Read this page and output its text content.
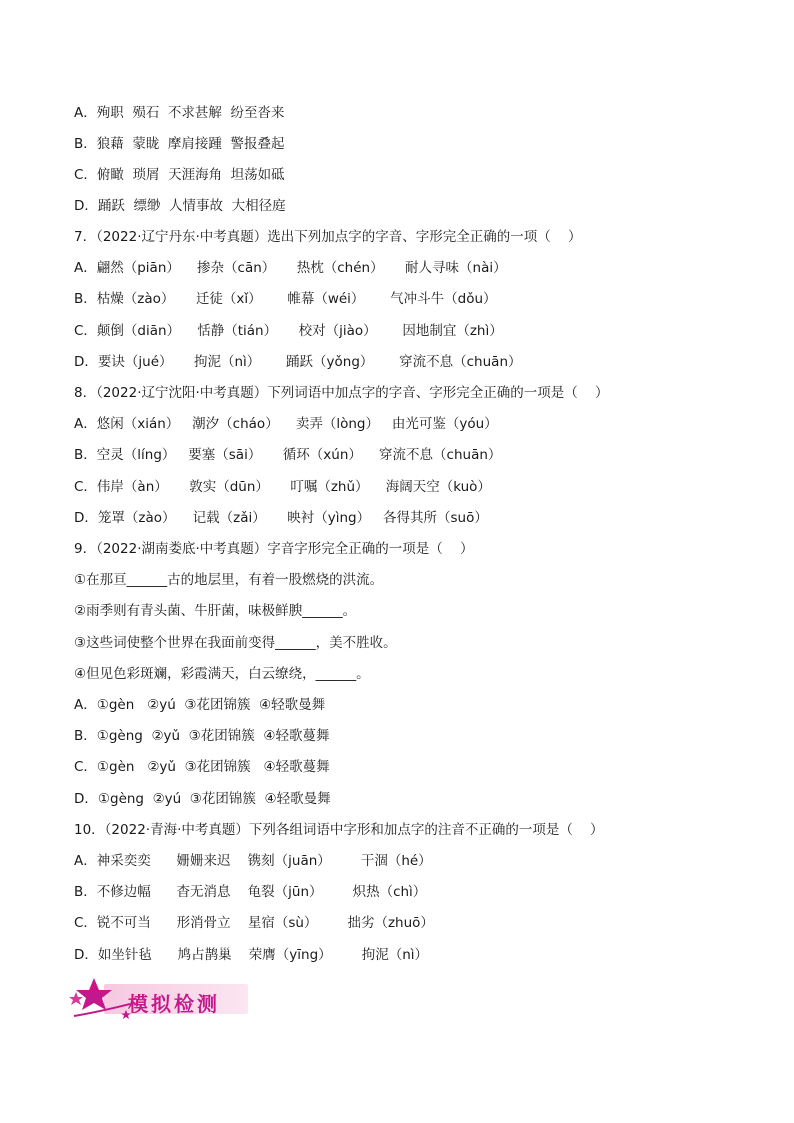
A．殉职  殒石  不求甚解  纷至沓来
B．狼藉  蒙眬  摩肩接踵  警报叠起
C．俯瞰  琐屑  天涯海角  坦荡如砥
D．踊跃  缥缈  人情事故  大相径庭
7．（2022·辽宁丹东·中考真题）选出下列加点字的字音、字形完全正确的一项（    ）
A．翩然（piān）    掺杂（cān）     热枕（chén）     耐人寻味（nài）
B．枯燥（zào）     迁徒（xǐ）      帷幕（wéi）      气冲斗牛（dǒu）
C．颠倒（diān）    恬静（tián）     校对（jiào）      因地制宜（zhì）
D．要诀（jué）     拘泥（nì）      踊跃（yǒng）      穿流不息（chuān）
8．（2022·辽宁沈阳·中考真题）下列词语中加点字的字音、字形完全正确的一项是（    ）
A．悠闲（xián）   潮汐（cháo）    卖弄（lòng）   由光可鉴（yóu）
B．空灵（líng）   要塞（sāi）     循环（xún）    穿流不息（chuān）
C．伟岸（àn）     敦实（dūn）     叮嘱（zhǔ）    海阔天空（kuò）
D．笼罩（zào）    记载（zǎi）     映衬（yìng）   各得其所（suō）
9．（2022·湖南娄底·中考真题）字音字形完全正确的一项是（    ）
①在那亘______古的地层里，有着一股燃烧的洪流。
②雨季则有青头菌、牛肝菌，味极鲜腴______。
③这些词使整个世界在我面前变得______，美不胜收。
④但见色彩斑斓，彩霞满天，白云缭绕，______。
A．①gèn   ②yú  ③花团锦簇  ④轻歌曼舞
B．①gèng  ②yǔ  ③花团锦簇  ④轻歌蔓舞
C．①gèn   ②yǔ  ③花团锦簇   ④轻歌蔓舞
D．①gèng  ②yú  ③花团锦簇  ④轻歌曼舞
10．（2022·青海·中考真题）下列各组词语中字形和加点字的注音不正确的一项是（    ）
A．神采奕奕      姗姗来迟    镌刻（juān）       干涸（hé）
B．不修边幅      杳无消息    龟裂（jūn）       炽热（chì）
C．锐不可当      形消骨立    星宿（sù）       拙劣（zhuō）
D．如坐针毡      鸠占鹊巢    荣膺（yīng）       拘泥（nì）
模拟检测
